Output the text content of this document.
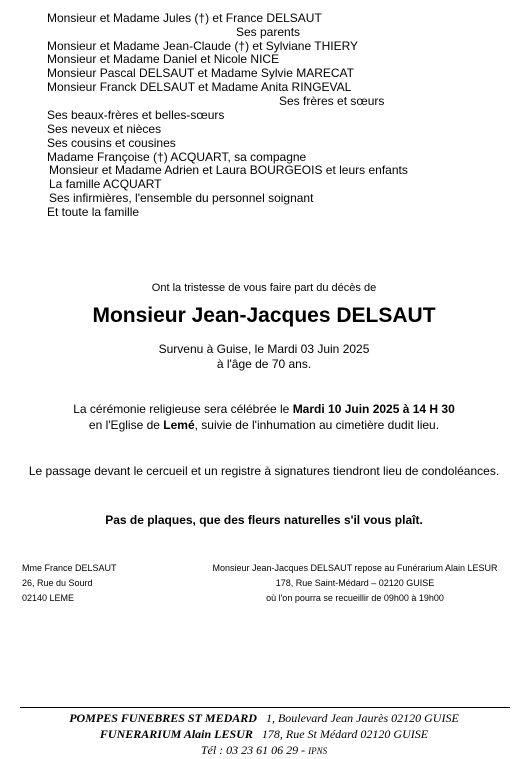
Monsieur et Madame Jules (†) et France DELSAUT
Ses parents
Monsieur et Madame Jean-Claude (†) et Sylviane THIERY
Monsieur et Madame Daniel et Nicole NICE
Monsieur Pascal DELSAUT et Madame Sylvie MARECAT
Monsieur Franck DELSAUT et Madame Anita RINGEVAL
Ses frères et sœurs
Ses beaux-frères et belles-sœurs
Ses neveux et nièces
Ses cousins et cousines
Madame Françoise (†) ACQUART, sa compagne
Monsieur et Madame Adrien et Laura BOURGEOIS et leurs enfants
La famille ACQUART
Ses infirmières, l'ensemble du personnel soignant
Et toute la famille
Ont la tristesse de vous faire part du décès de
Monsieur Jean-Jacques DELSAUT
Survenu à Guise, le Mardi 03 Juin 2025
à l'âge de 70 ans.
La cérémonie religieuse sera célébrée le Mardi 10 Juin 2025 à 14 H 30
en l'Eglise de Lemé, suivie de l'inhumation au cimetière dudit lieu.
Le passage devant le cercueil et un registre à signatures tiendront lieu de condoléances.
Pas de plaques, que des fleurs naturelles s'il vous plaît.
Mme France DELSAUT
26, Rue du Sourd
02140 LEME
Monsieur Jean-Jacques DELSAUT repose au Funérarium Alain LESUR
178, Rue Saint-Médard – 02120 GUISE
où l'on pourra se recueillir de 09h00 à 19h00
POMPES FUNEBRES ST MEDARD   1, Boulevard Jean Jaurès 02120 GUISE
FUNERARIUM Alain LESUR   178, Rue St Médard 02120 GUISE
Tél : 03 23 61 06 29 - IPNS
